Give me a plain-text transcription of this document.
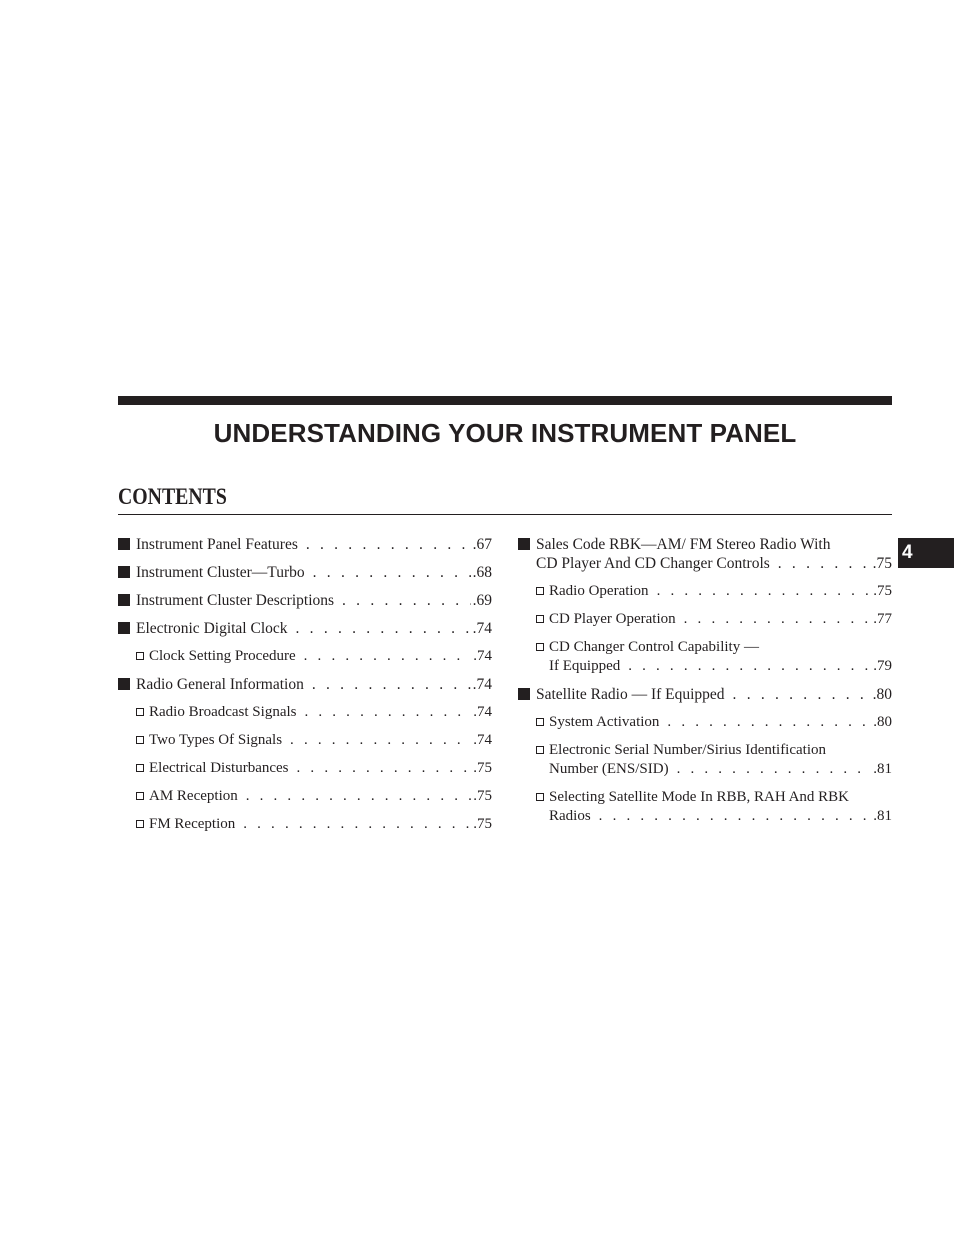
UNDERSTANDING YOUR INSTRUMENT PANEL
CONTENTS
4
Instrument Panel Features . . .	.67
Instrument Cluster—Turbo . . .	.68
Instrument Cluster Descriptions . . .	.69
Electronic Digital Clock . . .	.74
Clock Setting Procedure . . .	.74
Radio General Information . . .	.74
Radio Broadcast Signals . . .	.74
Two Types Of Signals . . .	.74
Electrical Disturbances . . .	.75
AM Reception . . .	.75
FM Reception . . .	.75
Sales Code RBK—AM/ FM Stereo Radio With
CD Player And CD Changer Controls . . .	.75
Radio Operation . . .	.75
CD Player Operation . . .	.77
CD Changer Control Capability —
If Equipped . . .	.79
Satellite Radio — If Equipped . . .	.80
System Activation . . .	.80
Electronic Serial Number/Sirius Identification
Number (ENS/SID) . . .	.81
Selecting Satellite Mode In RBB, RAH And RBK
Radios . . .	.81
